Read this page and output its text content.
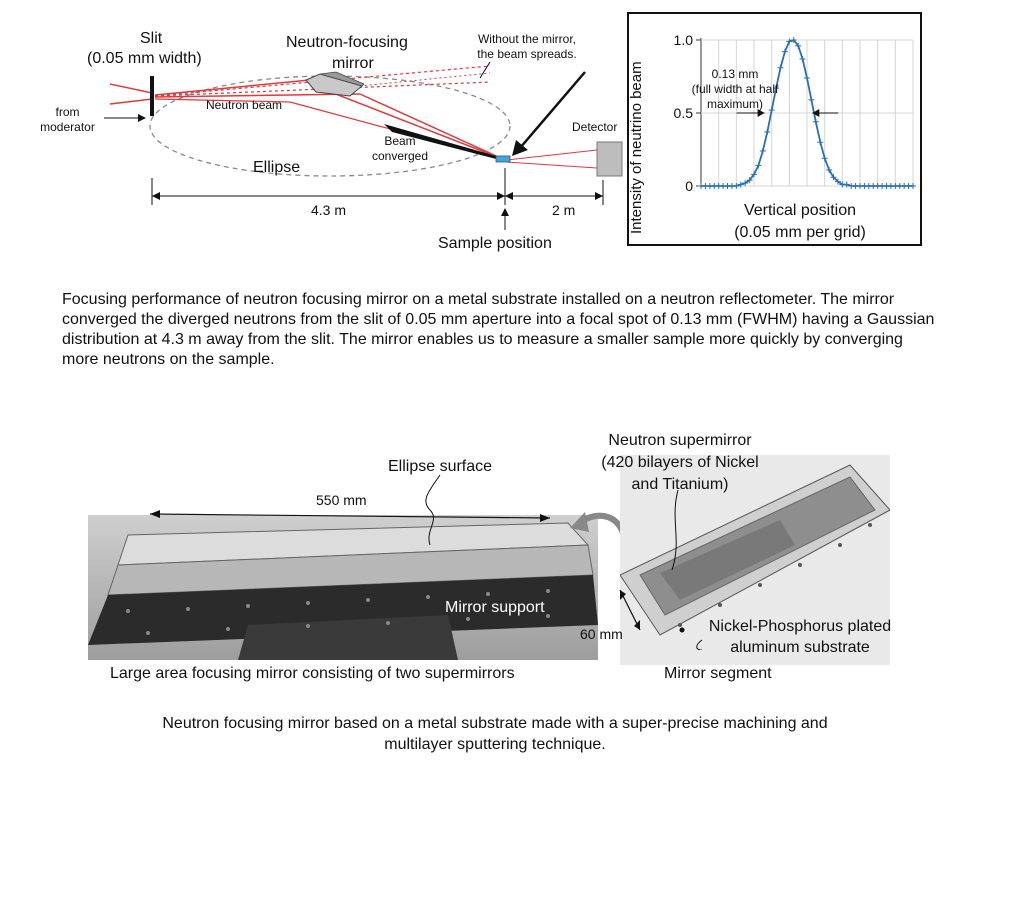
Slit
(0.05 mm width)
Neutron-focusing
mirror
Without the mirror,
the beam spreads.
from
moderator
Neutron beam
Beam
converged
Ellipse
Detector
4.3 m	2 m
Sample position
1.0
0.5
0
Intensity of neutrino beam	Vertical position
(0.05 mm per grid)
0.13 mm
(full width at half
maximum)
Focusing performance of neutron focusing mirror on a metal substrate installed on a neutron reflectometer. The mirror converged the diverged neutrons from the slit of 0.05 mm aperture into a focal spot of 0.13 mm (FWHM) having a Gaussian distribution at 4.3 m away from the slit. The mirror enables us to measure a smaller sample more quickly by converging more neutrons on the sample.
Ellipse surface
550 mm
Mirror support
Large area focusing mirror consisting of two supermirrors
Neutron supermirror
(420 bilayers of Nickel
and Titanium)
60 mm	Nickel-Phosphorus plated
aluminum substrate
Mirror segment
Neutron focusing mirror based on a metal substrate made with a super-precise machining and
multilayer sputtering technique.
